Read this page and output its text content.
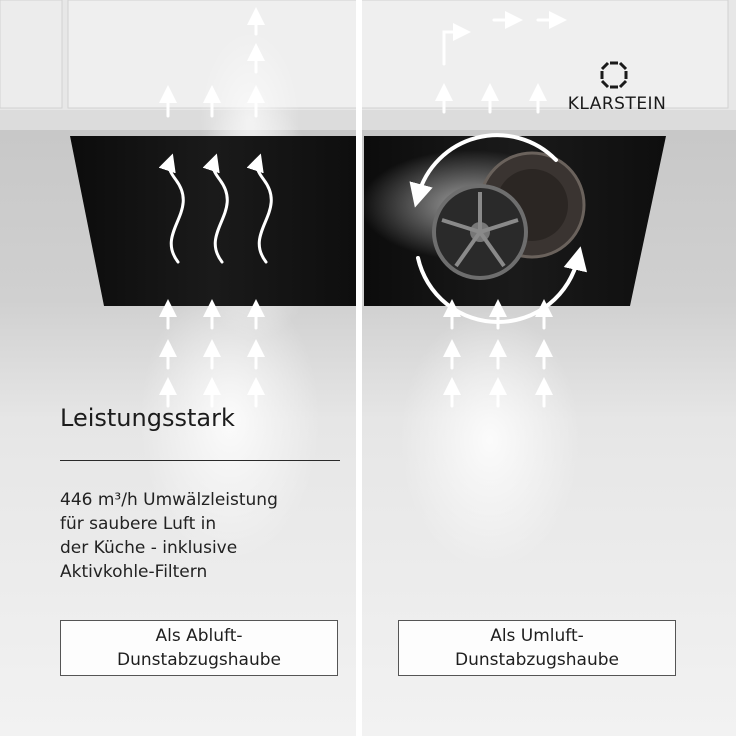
KLARSTEIN
Leistungsstark
446 m³/h Umwälzleistung
für saubere Luft in
der Küche - inklusive
Aktivkohle-Filtern
Als Abluft-
Dunstabzugshaube
Als Umluft-
Dunstabzugshaube
